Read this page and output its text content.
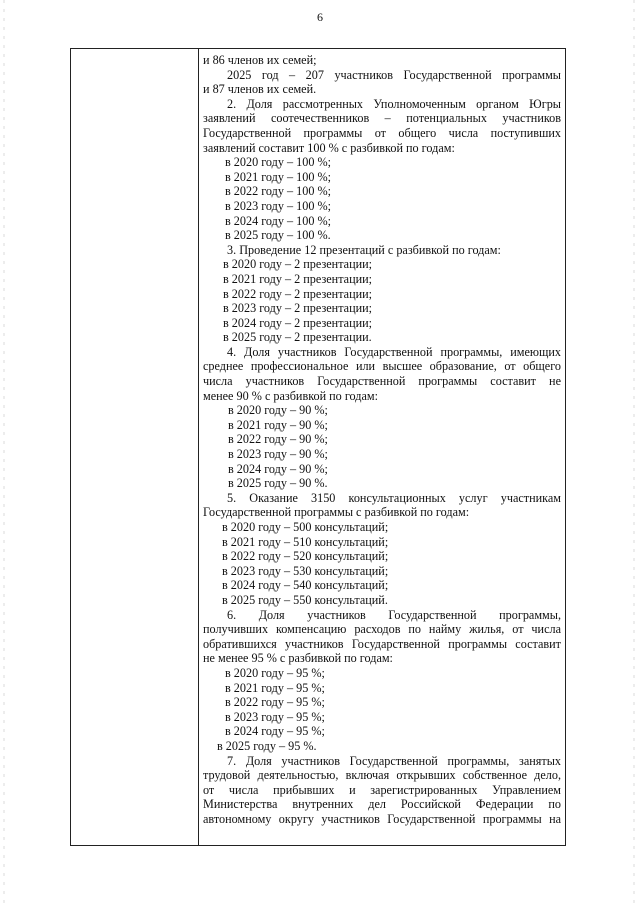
6
и 86 членов их семей;
2025 год – 207 участников Государственной программы
и 87 членов их семей.
2. Доля рассмотренных Уполномоченным органом Югры
заявлений соотечественников – потенциальных участников
Государственной программы от общего числа поступивших
заявлений составит 100 % с разбивкой по годам:
в 2020 году – 100 %;
в 2021 году – 100 %;
в 2022 году – 100 %;
в 2023 году – 100 %;
в 2024 году – 100 %;
в 2025 году – 100 %.
3. Проведение 12 презентаций с разбивкой по годам:
в 2020 году – 2 презентации;
в 2021 году – 2 презентации;
в 2022 году – 2 презентации;
в 2023 году – 2 презентации;
в 2024 году – 2 презентации;
в 2025 году – 2 презентации.
4. Доля участников Государственной программы, имеющих
среднее профессиональное или высшее образование, от общего
числа участников Государственной программы составит не
менее 90 % с разбивкой по годам:
в 2020 году – 90 %;
в 2021 году – 90 %;
в 2022 году – 90 %;
в 2023 году – 90 %;
в 2024 году – 90 %;
в 2025 году – 90 %.
5. Оказание 3150 консультационных услуг участникам
Государственной программы с разбивкой по годам:
в 2020 году – 500 консультаций;
в 2021 году – 510 консультаций;
в 2022 году – 520 консультаций;
в 2023 году – 530 консультаций;
в 2024 году – 540 консультаций;
в 2025 году – 550 консультаций.
6. Доля участников Государственной программы,
получивших компенсацию расходов по найму жилья, от числа
обратившихся участников Государственной программы составит
не менее 95 % с разбивкой по годам:
в 2020 году – 95 %;
в 2021 году – 95 %;
в 2022 году – 95 %;
в 2023 году – 95 %;
в 2024 году – 95 %;
в 2025 году – 95 %.
7. Доля участников Государственной программы, занятых
трудовой деятельностью, включая открывших собственное дело,
от числа прибывших и зарегистрированных Управлением
Министерства внутренних дел Российской Федерации по
автономному округу участников Государственной программы на
